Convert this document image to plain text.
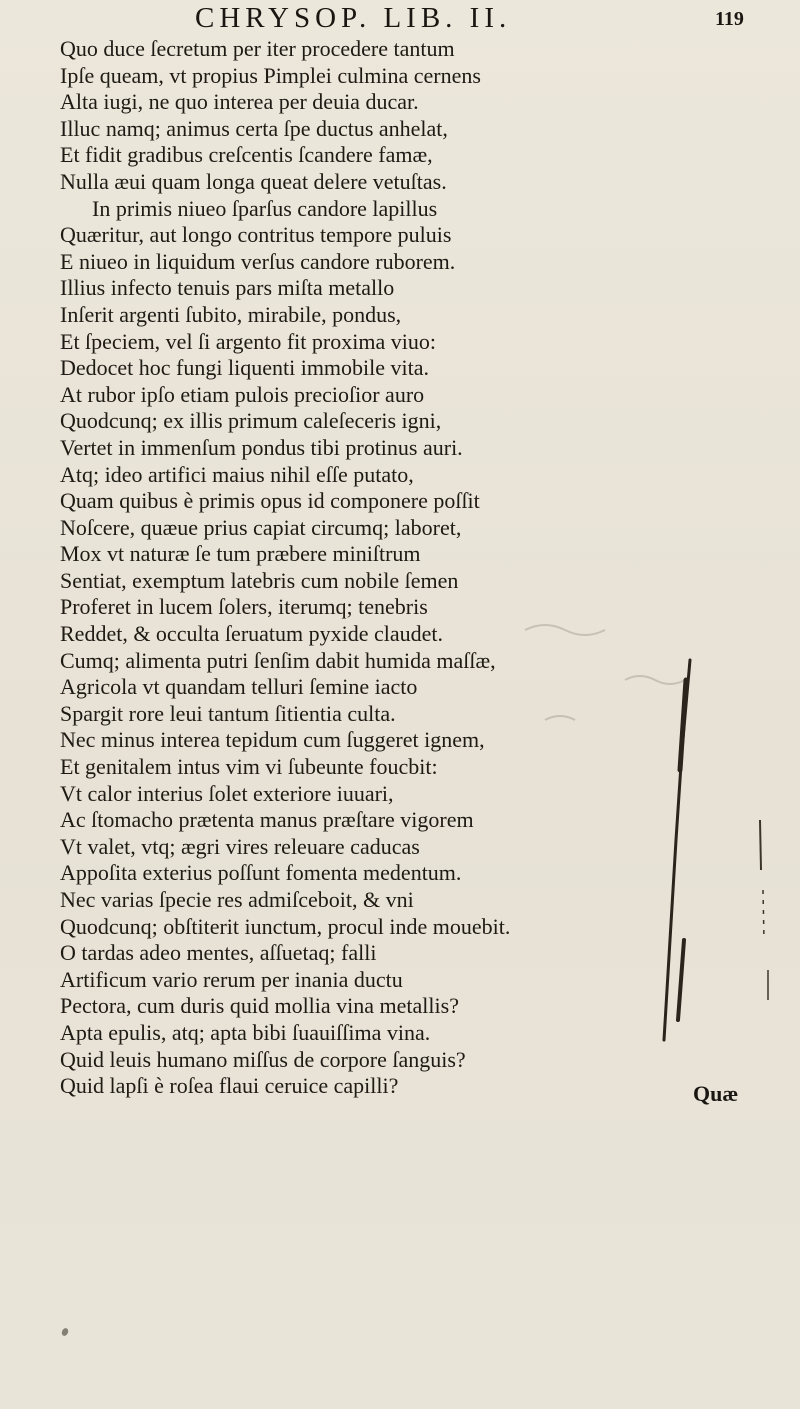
CHRYSOP. LIB. II.	119
Quo duce ſecretum per iter procedere tantum
Ipſe queam, vt propius Pimplei culmina cernens
Alta iugi, ne quo interea per deuia ducar.
Illuc namq; animus certa ſpe ductus anhelat,
Et fidit gradibus creſcentis ſcandere famæ,
Nulla æui quam longa queat delere vetuſtas.
In primis niueo ſparſus candore lapillus
Quæritur, aut longo contritus tempore puluis
E niueo in liquidum verſus candore ruborem.
Illius infecto tenuis pars miſta metallo
Inſerit argenti ſubito, mirabile, pondus,
Et ſpeciem, vel ſi argento fit proxima viuo:
Dedocet hoc fungi liquenti immobile vita.
At rubor ipſo etiam pulois precioſior auro
Quodcunq; ex illis primum caleſeceris igni,
Vertet in immenſum pondus tibi protinus auri.
Atq; ideo artifici maius nihil eſſe putato,
Quam quibus è primis opus id componere poſſit
Noſcere, quæue prius capiat circumq; laboret,
Mox vt naturæ ſe tum præbere miniſtrum
Sentiat, exemptum latebris cum nobile ſemen
Proferet in lucem ſolers, iterumq; tenebris
Reddet, & occulta ſeruatum pyxide claudet.
Cumq; alimenta putri ſenſim dabit humida maſſæ,
Agricola vt quandam telluri ſemine iacto
Spargit rore leui tantum ſitientia culta.
Nec minus interea tepidum cum ſuggeret ignem,
Et genitalem intus vim vi ſubeunte foucbit:
Vt calor interius ſolet exteriore iuuari,
Ac ſtomacho prætenta manus præſtare vigorem
Vt valet, vtq; ægri vires releuare caducas
Appoſita exterius poſſunt fomenta medentum.
Nec varias ſpecie res admiſceboit, & vni
Quodcunq; obſtiterit iunctum, procul inde mouebit.
O tardas adeo mentes, aſſuetaq; falli
Artificum vario rerum per inania ductu
Pectora, cum duris quid mollia vina metallis?
Apta epulis, atq; apta bibi ſuauiſſima vina.
Quid leuis humano miſſus de corpore ſanguis?
Quid lapſi è roſea flaui ceruice capilli?	Quæ
